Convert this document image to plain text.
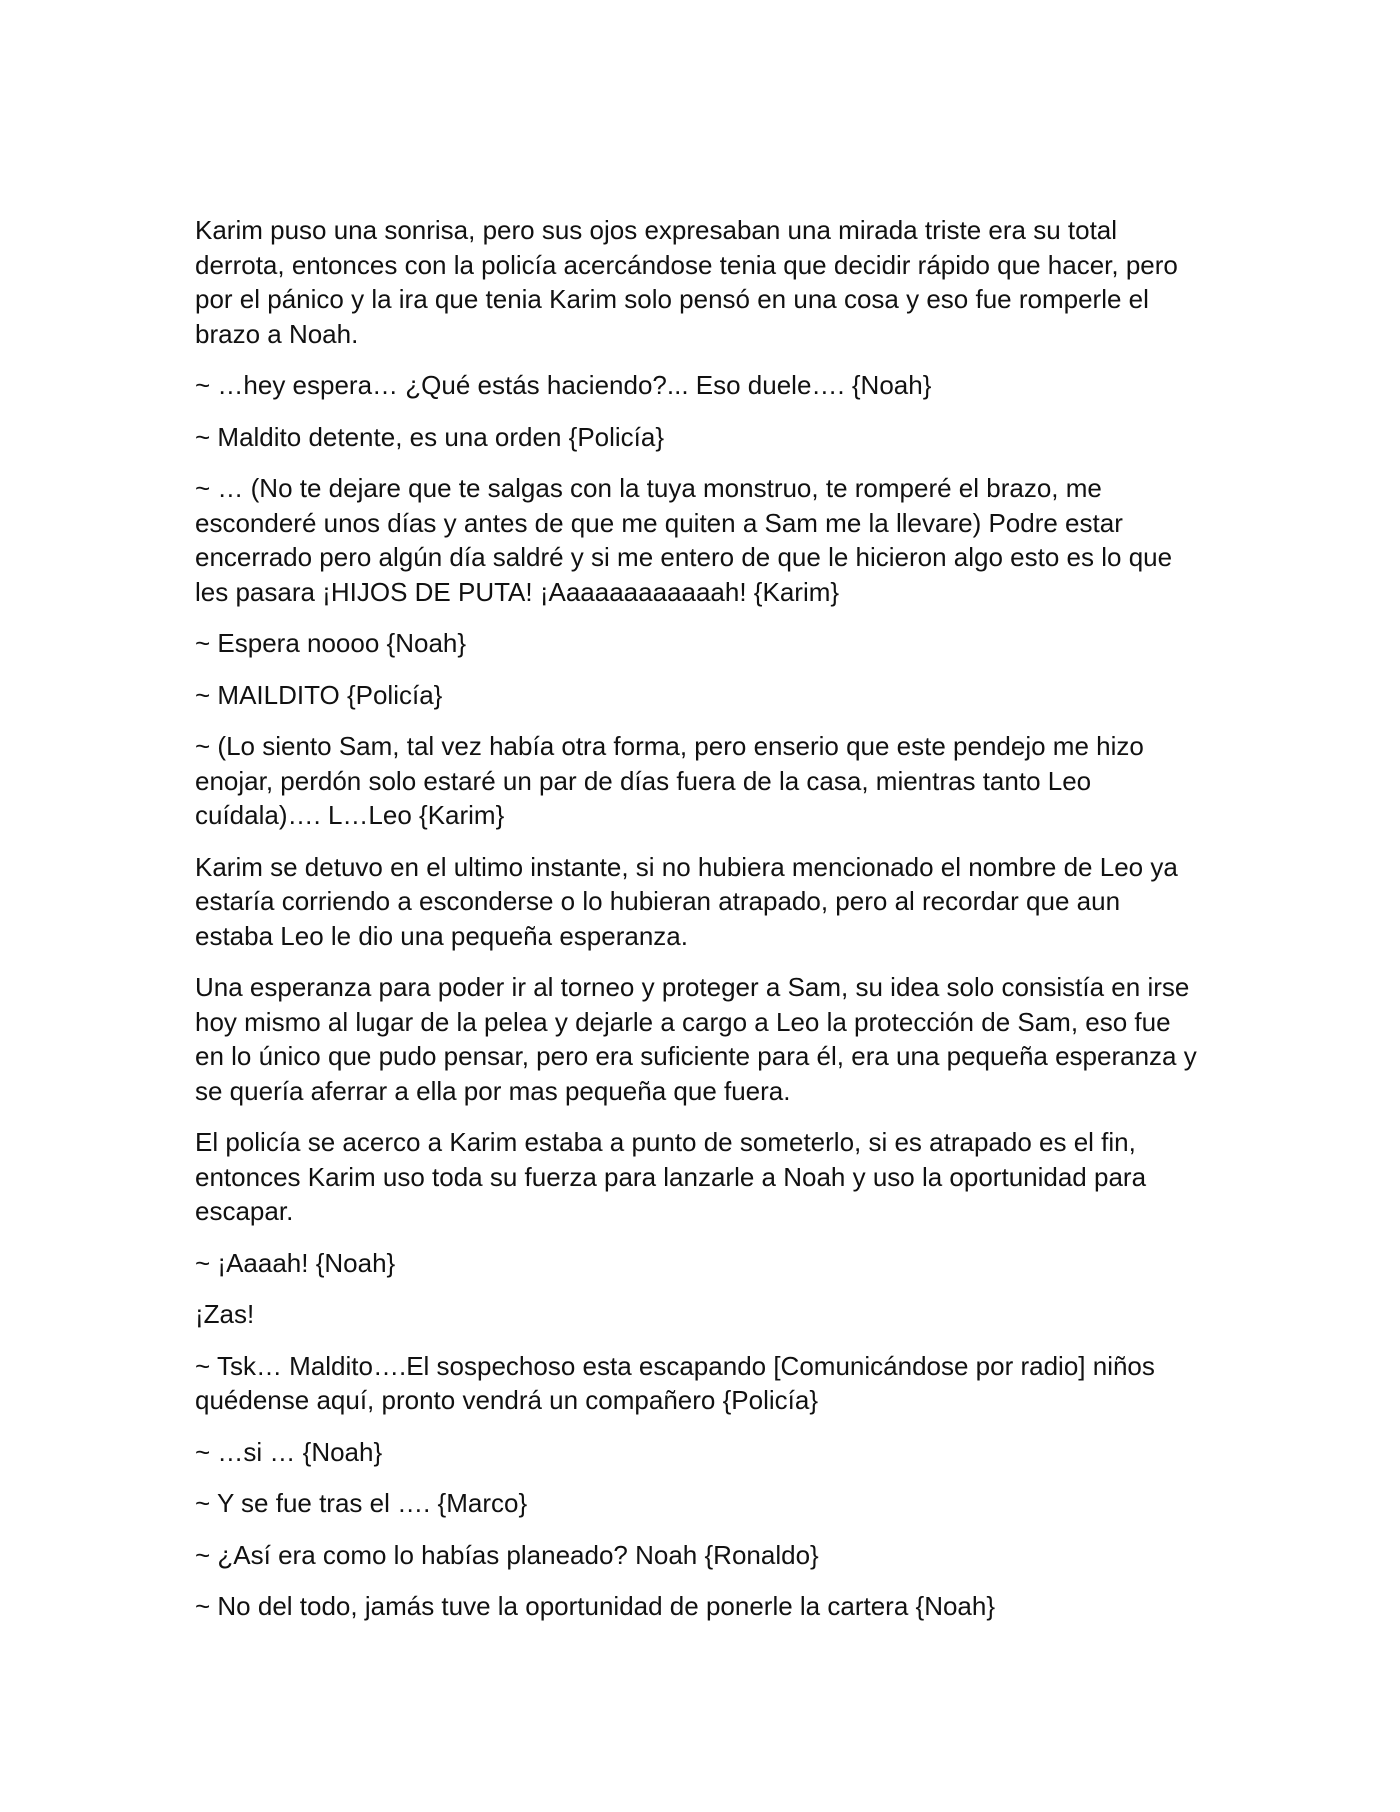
Karim puso una sonrisa, pero sus ojos expresaban una mirada triste era su total derrota, entonces con la policía acercándose tenia que decidir rápido que hacer, pero por el pánico y la ira que tenia Karim solo pensó en una cosa y eso fue romperle el brazo a Noah.

~ …hey espera… ¿Qué estás haciendo?... Eso duele…. {Noah}

~ Maldito detente, es una orden {Policía}

~ … (No te dejare que te salgas con la tuya monstruo, te romperé el brazo, me esconderé unos días y antes de que me quiten a Sam me la llevare) Podre estar encerrado pero algún día saldré y si me entero de que le hicieron algo esto es lo que les pasara ¡HIJOS DE PUTA! ¡Aaaaaaaaaaaah! {Karim}

~ Espera noooo {Noah}

~ MAILDITO {Policía}

~ (Lo siento Sam, tal vez había otra forma, pero enserio que este pendejo me hizo enojar, perdón solo estaré un par de días fuera de la casa, mientras tanto Leo cuídala)…. L…Leo {Karim}

Karim se detuvo en el ultimo instante, si no hubiera mencionado el nombre de Leo ya estaría corriendo a esconderse o lo hubieran atrapado, pero al recordar que aun estaba Leo le dio una pequeña esperanza.

Una esperanza para poder ir al torneo y proteger a Sam, su idea solo consistía en irse hoy mismo al lugar de la pelea y dejarle a cargo a Leo la protección de Sam, eso fue en lo único que pudo pensar, pero era suficiente para él, era una pequeña esperanza y se quería aferrar a ella por mas pequeña que fuera.

El policía se acerco a Karim estaba a punto de someterlo, si es atrapado es el fin, entonces Karim uso toda su fuerza para lanzarle a Noah y uso la oportunidad para escapar.

~ ¡Aaaah! {Noah}

¡Zas!

~ Tsk… Maldito….El sospechoso esta escapando [Comunicándose por radio] niños quédense aquí, pronto vendrá un compañero {Policía}

~ …si … {Noah}

~ Y se fue tras el …. {Marco}

~ ¿Así era como lo habías planeado? Noah {Ronaldo}

~ No del todo, jamás tuve la oportunidad de ponerle la cartera {Noah}
